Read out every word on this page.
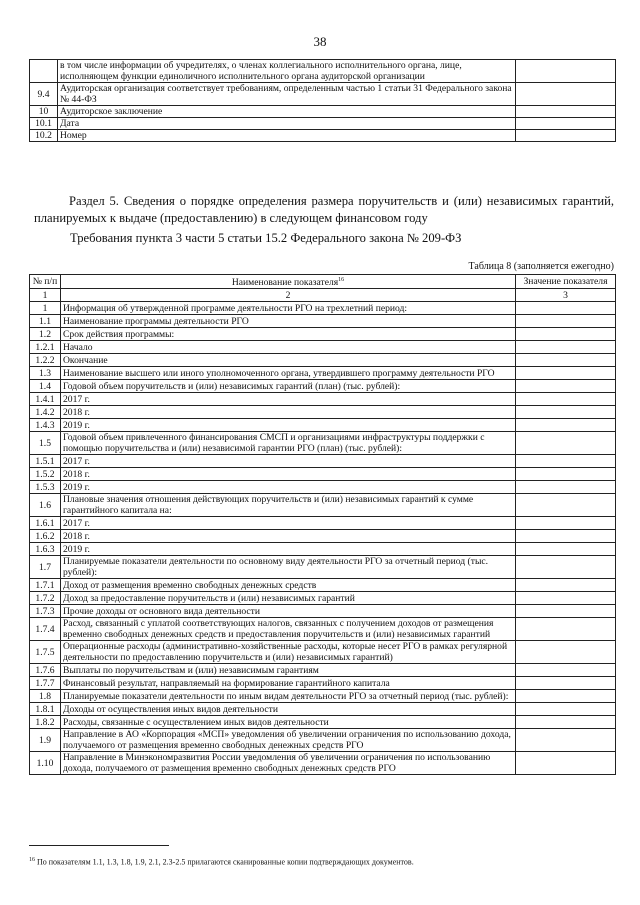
38
	в том числе информации об учредителях, о членах коллегиального исполнительного органа, лице, исполняющем функции единоличного исполнительного органа аудиторской организации	
9.4	Аудиторская организация соответствует требованиям, определенным частью 1 статьи 31 Федерального закона № 44-ФЗ	
10	Аудиторское заключение	
10.1	Дата	
10.2	Номер	
Раздел 5. Сведения о порядке определения размера поручительств и (или) независимых гарантий, планируемых к выдаче (предоставлению) в следующем финансовом году
Требования пункта 3 части 5 статьи 15.2 Федерального закона № 209-ФЗ
Таблица 8 (заполняется ежегодно)
№ п/п	Наименование показателя$^{16}$	Значение показателя
1	2	3
1	Информация об утвержденной программе деятельности РГО на трехлетний период:	
1.1	Наименование программы деятельности РГО	
1.2	Срок действия программы:	
1.2.1	Начало	
1.2.2	Окончание	
1.3	Наименование высшего или иного уполномоченного органа, утвердившего программу деятельности РГО	
1.4	Годовой объем поручительств и (или) независимых гарантий (план) (тыс. рублей):	
1.4.1	2017 г.	
1.4.2	2018 г.	
1.4.3	2019 г.	
1.5	Годовой объем привлеченного финансирования СМСП и организациями инфраструктуры поддержки с помощью поручительства и (или) независимой гарантии РГО (план) (тыс. рублей):	
1.5.1	2017 г.	
1.5.2	2018 г.	
1.5.3	2019 г.	
1.6	Плановые значения отношения действующих поручительств и (или) независимых гарантий к сумме гарантийного капитала на:	
1.6.1	2017 г.	
1.6.2	2018 г.	
1.6.3	2019 г.	
1.7	Планируемые показатели деятельности по основному виду деятельности РГО за отчетный период (тыс. рублей):	
1.7.1	Доход от размещения временно свободных денежных средств	
1.7.2	Доход за предоставление поручительств и (или) независимых гарантий	
1.7.3	Прочие доходы от основного вида деятельности	
1.7.4	Расход, связанный с уплатой соответствующих налогов, связанных с получением доходов от размещения временно свободных денежных средств и предоставления поручительств и (или) независимых гарантий	
1.7.5	Операционные расходы (административно-хозяйственные расходы, которые несет РГО в рамках регулярной деятельности по предоставлению поручительств и (или) независимых гарантий)	
1.7.6	Выплаты по поручительствам и (или) независимым гарантиям	
1.7.7	Финансовый результат, направляемый на формирование гарантийного капитала	
1.8	Планируемые показатели деятельности по иным видам деятельности РГО за отчетный период (тыс. рублей):	
1.8.1	Доходы от осуществления иных видов деятельности	
1.8.2	Расходы, связанные с осуществлением иных видов деятельности	
1.9	Направление в АО «Корпорация «МСП» уведомления об увеличении ограничения по использованию дохода, получаемого от размещения временно свободных денежных средств РГО	
1.10	Направление в Минэкономразвития России уведомления об увеличении ограничения по использованию дохода, получаемого от размещения временно свободных денежных средств РГО	
$^{16}$ По показателям 1.1, 1.3, 1.8, 1.9, 2.1, 2.3-2.5 прилагаются сканированные копии подтверждающих документов.
